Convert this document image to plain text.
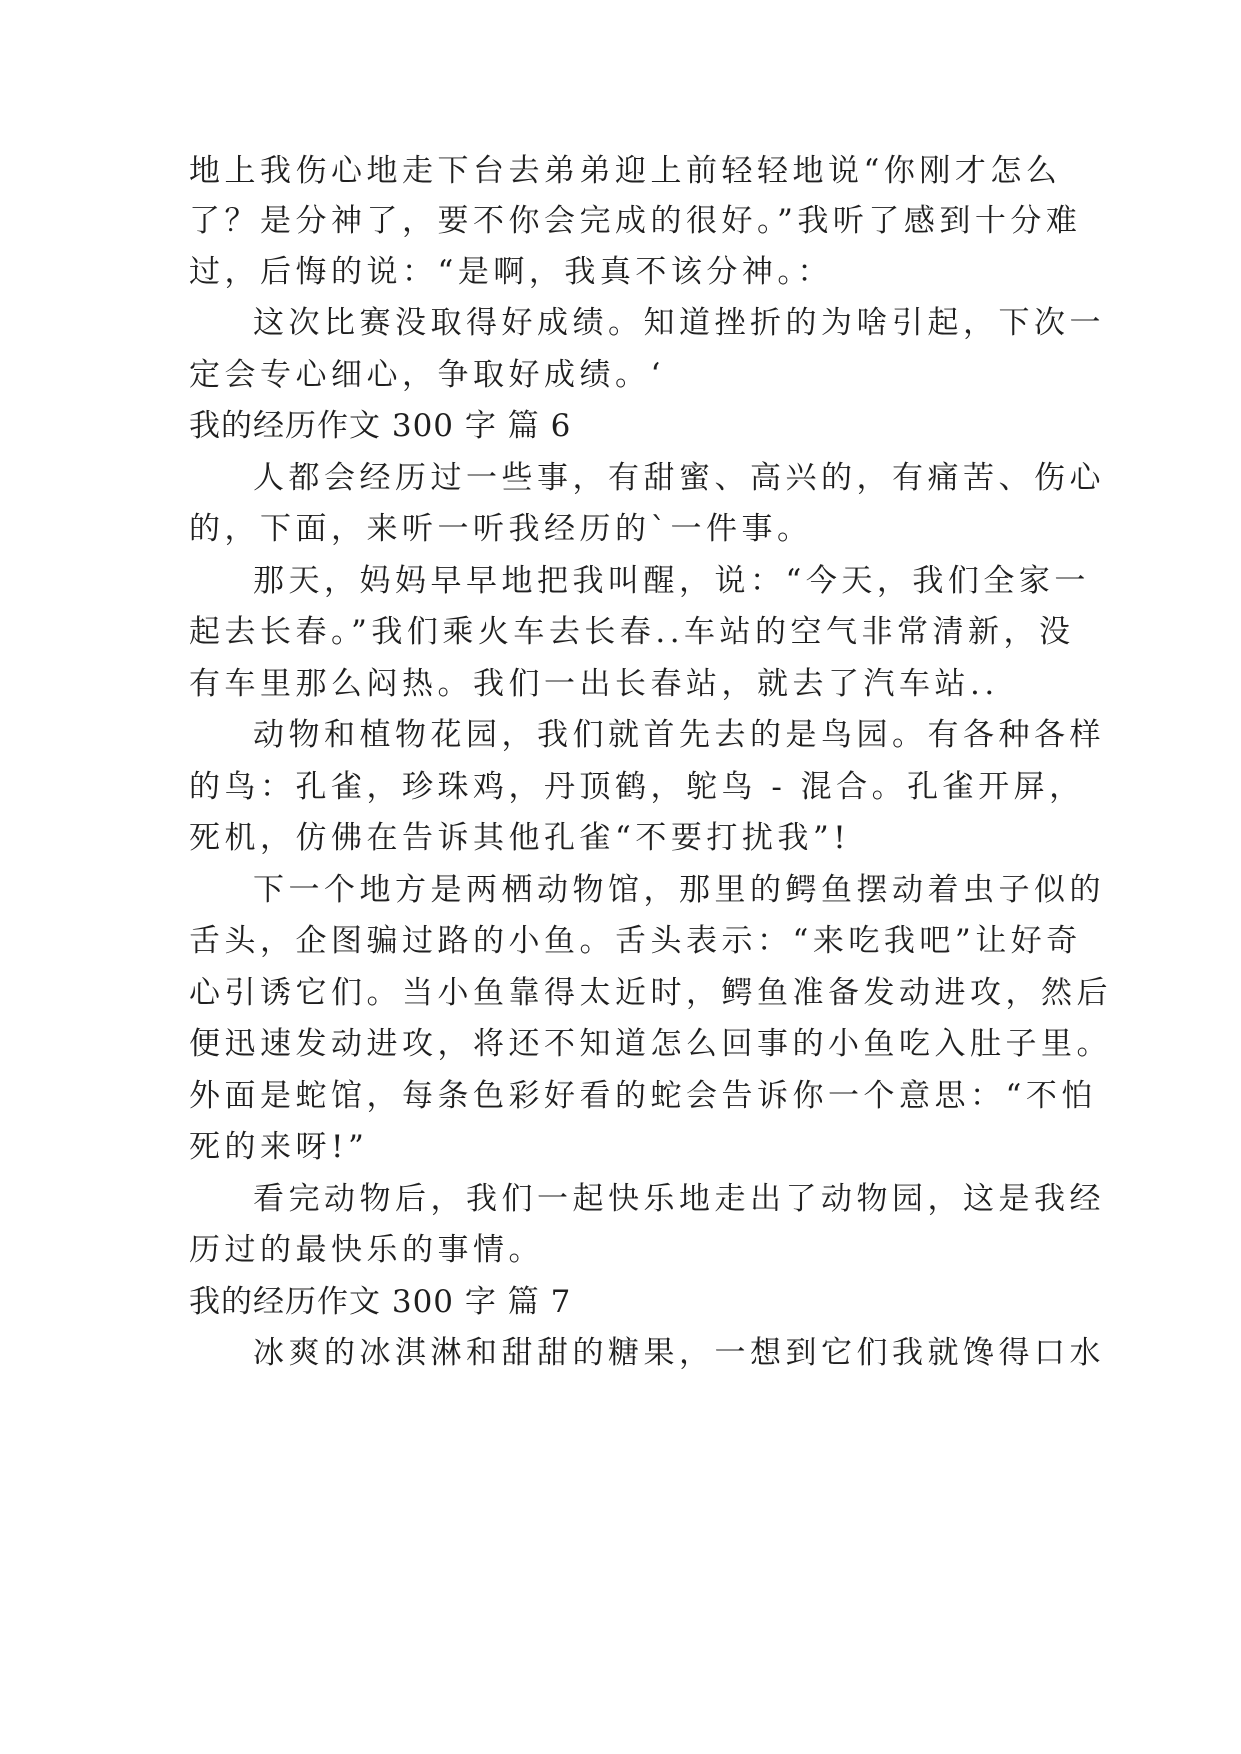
地上我伤心地走下台去弟弟迎上前轻轻地说“你刚才怎么
了？是分神了，要不你会完成的很好。”我听了感到十分难
过，后悔的说：“是啊，我真不该分神。：
这次比赛没取得好成绩。知道挫折的为啥引起，下次一
定会专心细心，争取好成绩。‘
我的经历作文 300 字 篇 6
人都会经历过一些事，有甜蜜、高兴的，有痛苦、伤心
的，下面，来听一听我经历的`一件事。
那天，妈妈早早地把我叫醒，说：“今天，我们全家一
起去长春。”我们乘火车去长春..车站的空气非常清新，没
有车里那么闷热。我们一出长春站，就去了汽车站..
动物和植物花园，我们就首先去的是鸟园。有各种各样
的鸟：孔雀，珍珠鸡，丹顶鹤，鸵鸟 - 混合。孔雀开屏，
死机，仿佛在告诉其他孔雀“不要打扰我”!
下一个地方是两栖动物馆，那里的鳄鱼摆动着虫子似的
舌头，企图骗过路的小鱼。舌头表示：“来吃我吧”让好奇
心引诱它们。当小鱼靠得太近时，鳄鱼准备发动进攻，然后
便迅速发动进攻，将还不知道怎么回事的小鱼吃入肚子里。
外面是蛇馆，每条色彩好看的蛇会告诉你一个意思：“不怕
死的来呀!”
看完动物后，我们一起快乐地走出了动物园，这是我经
历过的最快乐的事情。
我的经历作文 300 字 篇 7
冰爽的冰淇淋和甜甜的糖果，一想到它们我就馋得口水
